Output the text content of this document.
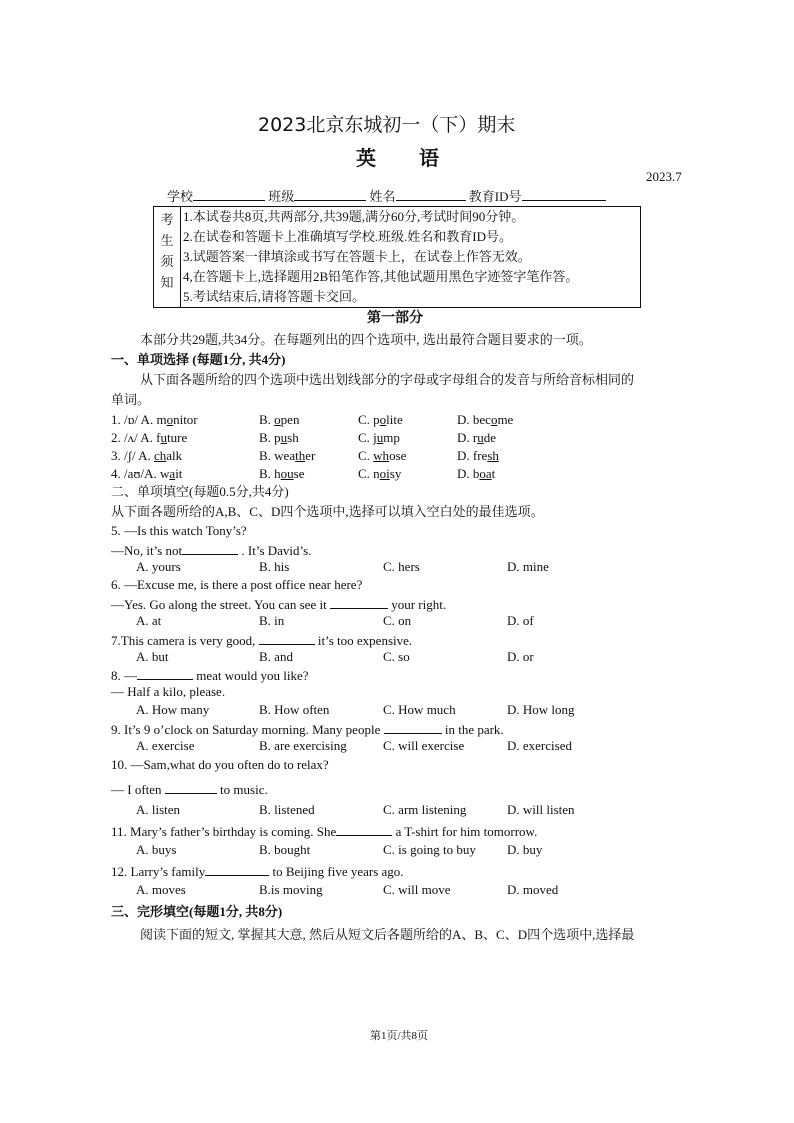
2023北京东城初一（下）期末
英　　语
2023.7
学校	班级	姓名	教育ID号
考
生
须
知

1.本试卷共8页,共两部分,共39题,满分60分,考试时间90分钟。
2.在试卷和答题卡上准确填写学校.班级.姓名和教育ID号。
3.试题答案一律填涂或书写在答题卡上，在试卷上作答无效。
4,在答题卡上,选择题用2B铅笔作答,其他试题用黑色字迹签字笔作答。
5.考试结束后,请将答题卡交回。
第一部分
本部分共29题,共34分。在每题列出的四个选项中, 选出最符合题目要求的一项。
一、单项选择 (每题1分, 共4分)
从下面各题所给的四个选项中选出划线部分的字母或字母组合的发音与所给音标相同的
单词。
1. /ɒ/ A. monitor	B. open	C. polite	D. become
2. /ʌ/ A. future	B. push	C. jump	D. rude
3. /ʃ/ A. chalk	B. weather	C. whose	D. fresh
4. /aʊ/A. wait	B. house	C. noisy	D. boat
二、单项填空(每题0.5分,共4分)
从下面各题所给的A,B、C、D四个选项中,选择可以填入空白处的最佳选项。
5. —Is this watch Tony’s?
—No, it’s not	. It’s David’s.
A. yours	B. his	C. hers	D. mine
6. —Excuse me, is there a post office near here?
—Yes. Go along the street. You can see it	your right.
A. at	B. in	C. on	D. of
7.This camera is very good,	it’s too expensive.
A. but	B. and	C. so	D. or
8. —	meat would you like?
— Half a kilo, please.
A. How many	B. How often	C. How much	D. How long
9. It’s 9 o’clock on Saturday morning. Many people	in the park.
A. exercise	B. are exercising	C. will exercise	D. exercised
10. —Sam,what do you often do to relax?
— I often	to music.
A. listen	B. listened	C. arm listening	D. will listen
11. Mary’s father’s birthday is coming. She	a T-shirt for him tomorrow.
A. buys	B. bought	C. is going to buy D. buy
12. Larry’s family	to Beijing five years ago.
A. moves	B.is moving	C. will move	D. moved
三、完形填空(每题1分, 共8分)
阅读下面的短文, 掌握其大意, 然后从短文后各题所给的A、B、C、D四个选项中,选择最
第1页/共8页
